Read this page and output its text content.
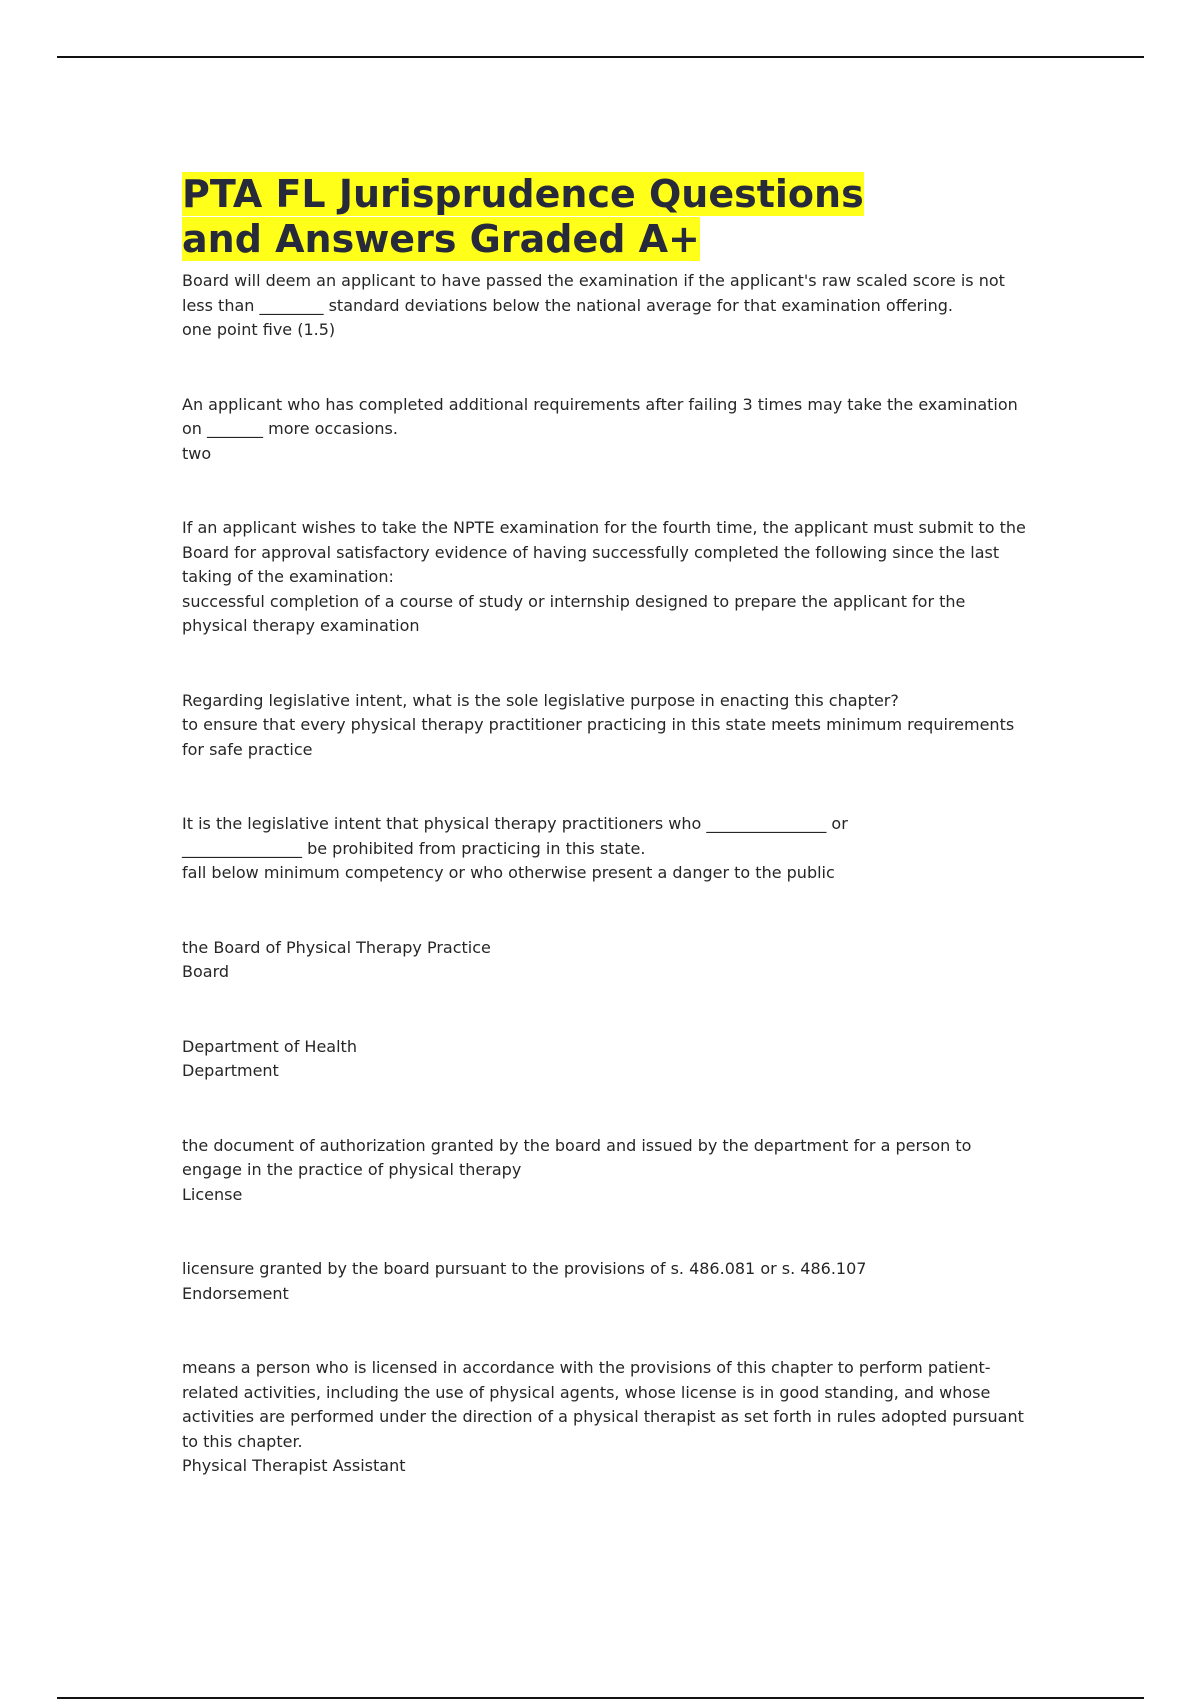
PTA FL Jurisprudence Questions
and Answers Graded A+

Board will deem an applicant to have passed the examination if the applicant's raw scaled score is not less than ________ standard deviations below the national average for that examination offering.

one point five (1.5)

An applicant who has completed additional requirements after failing 3 times may take the examination on _______ more occasions.

two

If an applicant wishes to take the NPTE examination for the fourth time, the applicant must submit to the Board for approval satisfactory evidence of having successfully completed the following since the last taking of the examination:

successful completion of a course of study or internship designed to prepare the applicant for the physical therapy examination

Regarding legislative intent, what is the sole legislative purpose in enacting this chapter?

to ensure that every physical therapy practitioner practicing in this state meets minimum requirements for safe practice

It is the legislative intent that physical therapy practitioners who _______________ or
_______________ be prohibited from practicing in this state.

fall below minimum competency or who otherwise present a danger to the public

the Board of Physical Therapy Practice

Board

Department of Health

Department

the document of authorization granted by the board and issued by the department for a person to engage in the practice of physical therapy

License

licensure granted by the board pursuant to the provisions of s. 486.081 or s. 486.107

Endorsement

means a person who is licensed in accordance with the provisions of this chapter to perform patient-related activities, including the use of physical agents, whose license is in good standing, and whose activities are performed under the direction of a physical therapist as set forth in rules adopted pursuant to this chapter.

Physical Therapist Assistant
